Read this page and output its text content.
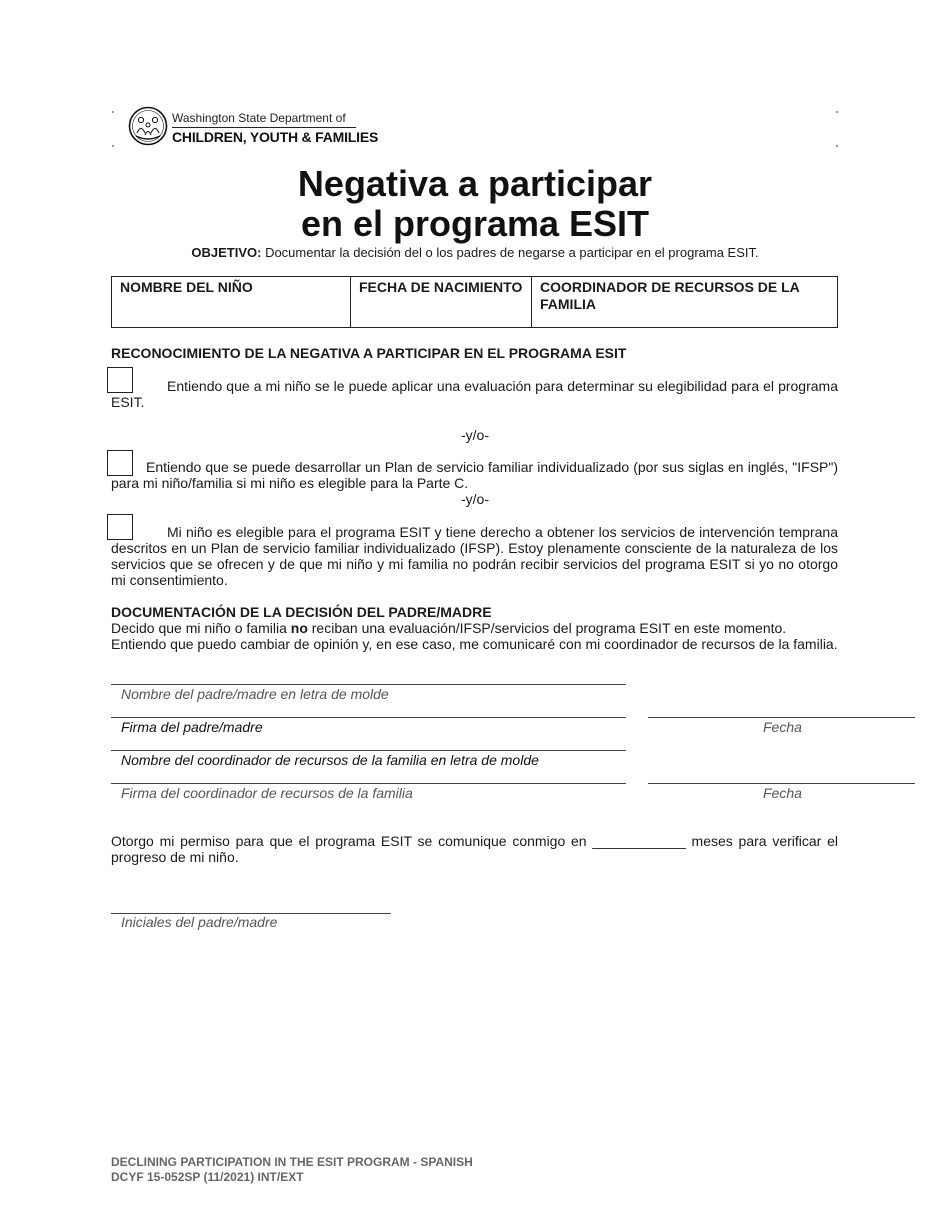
Washington State Department of
CHILDREN, YOUTH & FAMILIES
Negativa a participar
en el programa ESIT
OBJETIVO: Documentar la decisión del o los padres de negarse a participar en el programa ESIT.
NOMBRE DEL NIÑO	FECHA DE NACIMIENTO	COORDINADOR DE RECURSOS DE LA FAMILIA
RECONOCIMIENTO DE LA NEGATIVA A PARTICIPAR EN EL PROGRAMA ESIT
Entiendo que a mi niño se le puede aplicar una evaluación para determinar su elegibilidad para el programa ESIT.
-y/o-
Entiendo que se puede desarrollar un Plan de servicio familiar individualizado (por sus siglas en inglés, "IFSP") para mi niño/familia si mi niño es elegible para la Parte C.
-y/o-
Mi niño es elegible para el programa ESIT y tiene derecho a obtener los servicios de intervención temprana descritos en un Plan de servicio familiar individualizado (IFSP). Estoy plenamente consciente de la naturaleza de los servicios que se ofrecen y de que mi niño y mi familia no podrán recibir servicios del programa ESIT si yo no otorgo mi consentimiento.
DOCUMENTACIÓN DE LA DECISIÓN DEL PADRE/MADRE
Decido que mi niño o familia no reciban una evaluación/IFSP/servicios del programa ESIT en este momento.
Entiendo que puedo cambiar de opinión y, en ese caso, me comunicaré con mi coordinador de recursos de la familia.
Nombre del padre/madre en letra de molde
Firma del padre/madre	Fecha
Nombre del coordinador de recursos de la familia en letra de molde
Firma del coordinador de recursos de la familia	Fecha
Otorgo mi permiso para que el programa ESIT se comunique conmigo en ____________ meses para verificar el progreso de mi niño.
Iniciales del padre/madre
DECLINING PARTICIPATION IN THE ESIT PROGRAM - SPANISH
DCYF 15-052SP (11/2021) INT/EXT
